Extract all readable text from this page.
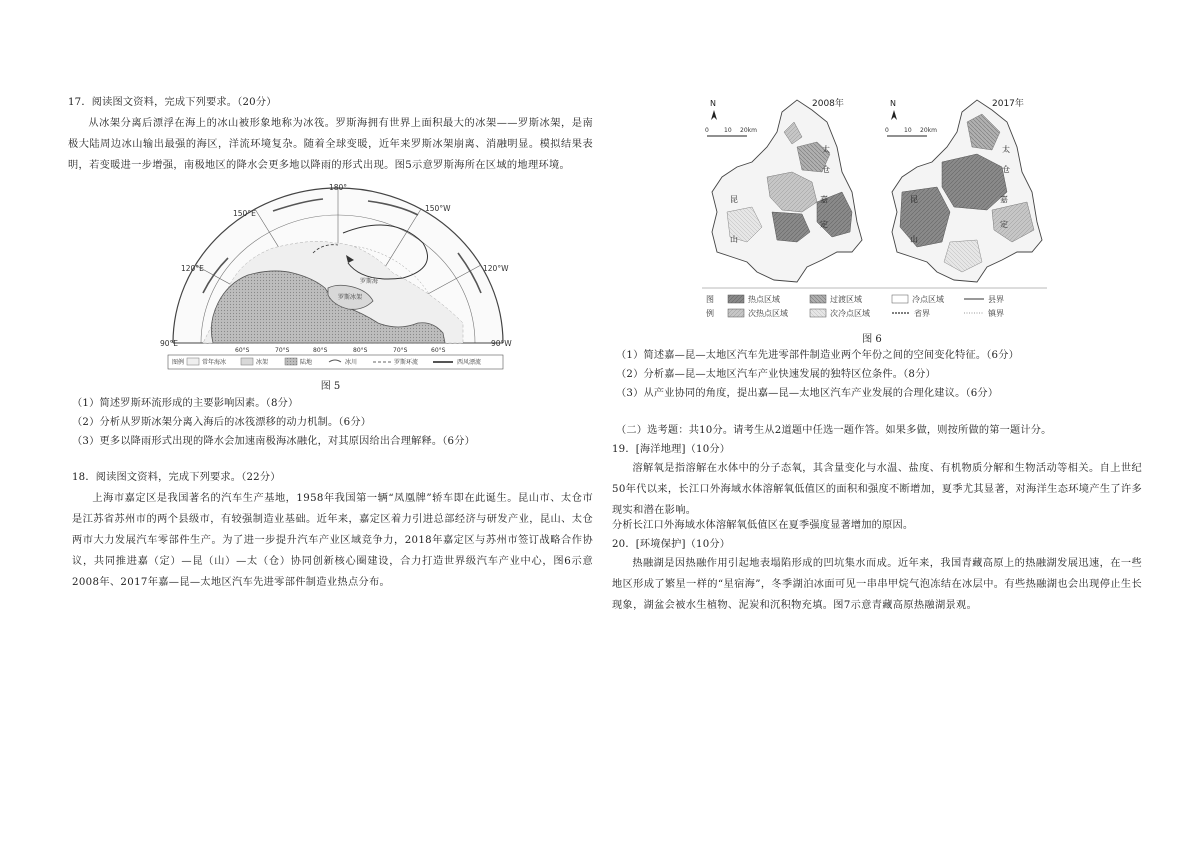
17．阅读图文资料，完成下列要求。（20分）
从冰架分离后漂浮在海上的冰山被形象地称为冰筏。罗斯海拥有世界上面积最大的冰架——罗斯冰架，是南极大陆周边冰山输出最强的海区，洋流环境复杂。随着全球变暖，近年来罗斯冰架崩离、消融明显。模拟结果表明，若变暖进一步增强，南极地区的降水会更多地以降雨的形式出现。图5示意罗斯海所在区域的地理环境。
180°
150°E
150°W
120°E	120°W
90°E	90°W
60°S	70°S	80°S	80°S	70°S	60°S
罗斯海
罗斯冰架
图例	常年海冰	冰架	陆地	冰川	罗斯环流	西风漂流
图 5
（1）简述罗斯环流形成的主要影响因素。（8分）
（2）分析从罗斯冰架分离入海后的冰筏漂移的动力机制。（6分）
（3）更多以降雨形式出现的降水会加速南极海冰融化，对其原因给出合理解释。（6分）
18．阅读图文资料，完成下列要求。（22分）
上海市嘉定区是我国著名的汽车生产基地，1958年我国第一辆“凤凰牌”轿车即在此诞生。昆山市、太仓市是江苏省苏州市的两个县级市，有较强制造业基础。近年来，嘉定区着力引进总部经济与研发产业，昆山、太仓两市大力发展汽车零部件生产。为了进一步提升汽车产业区域竞争力，2018年嘉定区与苏州市签订战略合作协议，共同推进嘉（定）—昆（山）—太（仓）协同创新核心圈建设，合力打造世界级汽车产业中心，图6示意2008年、2017年嘉—昆—太地区汽车先进零部件制造业热点分布。
2008年
N
0	10 20km
太
仓
嘉
定
昆
山
2017年
N
0	10 20km
太
仓
嘉
定
昆
山
图
例
热点区域	过渡区域	冷点区域	县界
次热点区域	次冷点区域	省界	镇界
图 6
（1）简述嘉—昆—太地区汽车先进零部件制造业两个年份之间的空间变化特征。（6分）
（2）分析嘉—昆—太地区汽车产业快速发展的独特区位条件。（8分）
（3）从产业协同的角度，提出嘉—昆—太地区汽车产业发展的合理化建议。（6分）
（二）选考题：共10分。请考生从2道题中任选一题作答。如果多做，则按所做的第一题计分。
19．[海洋地理]（10分）
溶解氧是指溶解在水体中的分子态氧，其含量变化与水温、盐度、有机物质分解和生物活动等相关。自上世纪50年代以来，长江口外海域水体溶解氧低值区的面积和强度不断增加，夏季尤其显著，对海洋生态环境产生了许多现实和潜在影响。
分析长江口外海域水体溶解氧低值区在夏季强度显著增加的原因。
20．[环境保护]（10分）
热融湖是因热融作用引起地表塌陷形成的凹坑集水而成。近年来，我国青藏高原上的热融湖发展迅速，在一些地区形成了繁星一样的“星宿海”，冬季湖泊冰面可见一串串甲烷气泡冻结在冰层中。有些热融湖也会出现停止生长现象，湖盆会被水生植物、泥炭和沉积物充填。图7示意青藏高原热融湖景观。
